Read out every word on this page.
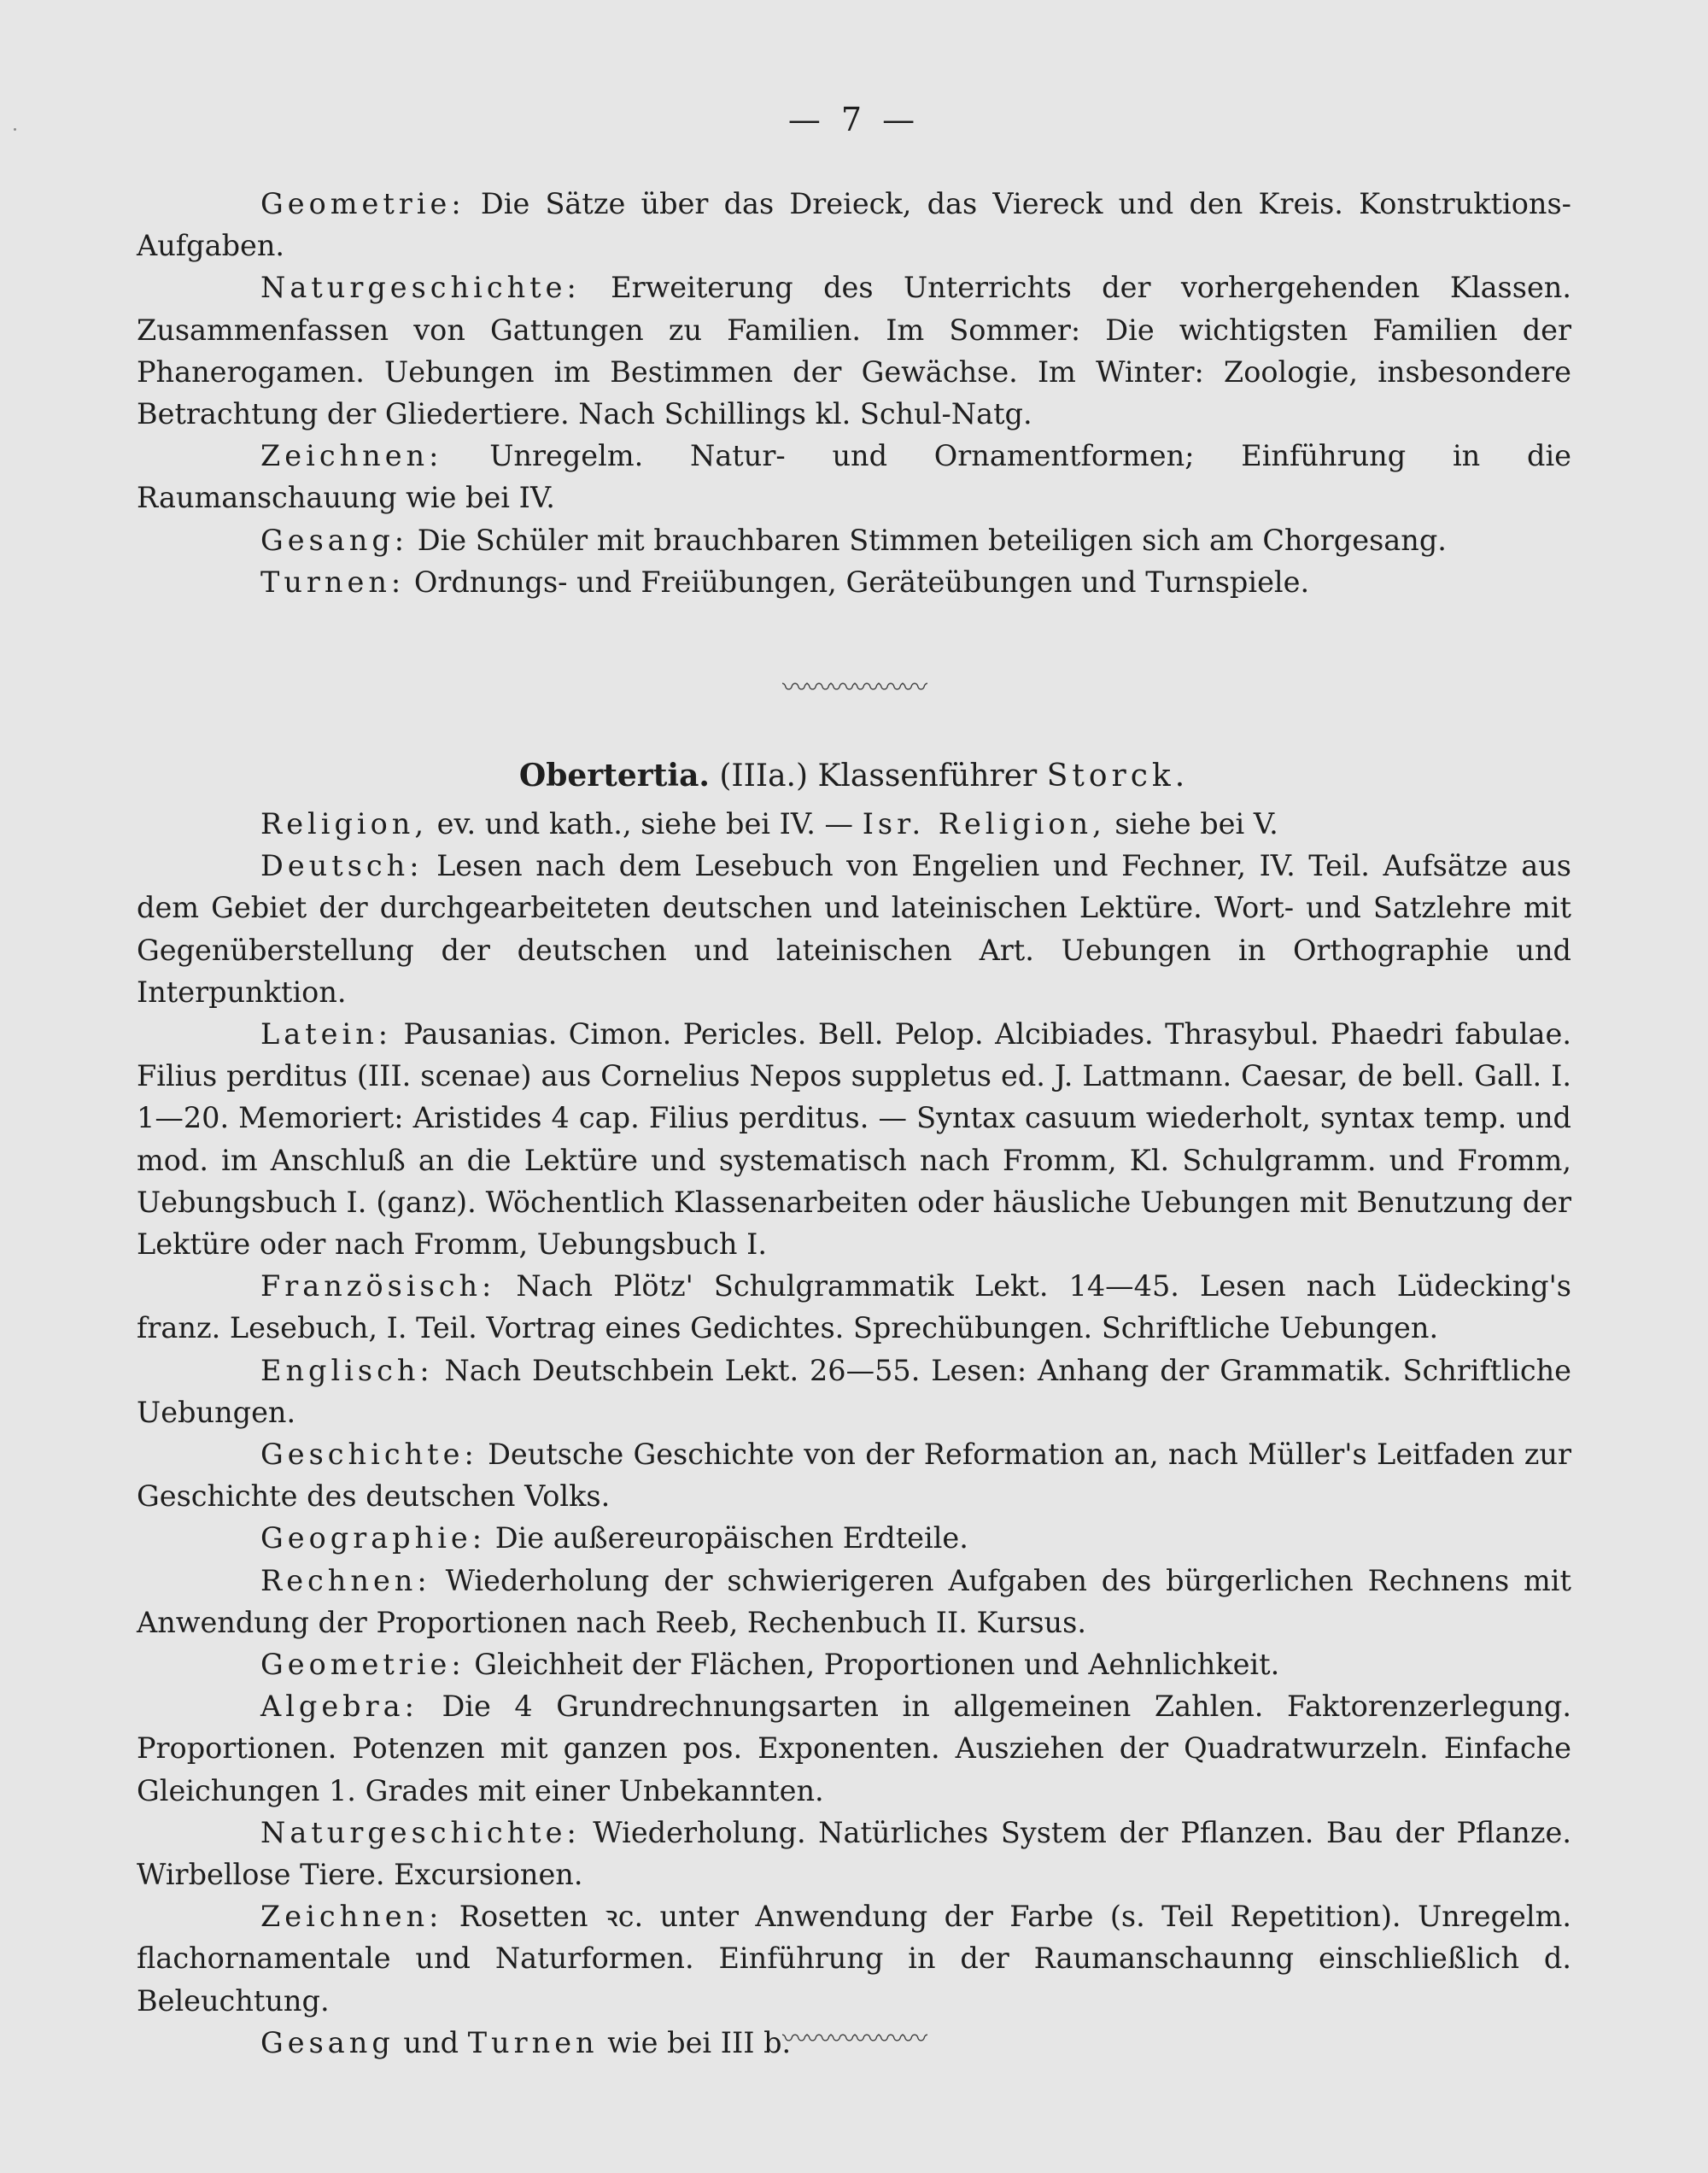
— 7 —

Geometrie: Die Sätze über das Dreieck, das Viereck und den Kreis. Konstruktions-Aufgaben.

Naturgeschichte: Erweiterung des Unterrichts der vorhergehenden Klassen. Zusammenfassen von Gattungen zu Familien. Im Sommer: Die wichtigsten Familien der Phanerogamen. Uebungen im Bestimmen der Gewächse. Im Winter: Zoologie, insbesondere Betrachtung der Gliedertiere. Nach Schillings kl. Schul-Natg.

Zeichnen: Unregelm. Natur- und Ornamentformen; Einführung in die Raumanschauung wie bei IV.

Gesang: Die Schüler mit brauchbaren Stimmen beteiligen sich am Chorgesang.

Turnen: Ordnungs- und Freiübungen, Geräteübungen und Turnspiele.

〰〰〰〰〰〰

Obertertia. (IIIa.) Klassenführer Storck.

Religion, ev. und kath., siehe bei IV. — Isr. Religion, siehe bei V.

Deutsch: Lesen nach dem Lesebuch von Engelien und Fechner, IV. Teil. Aufsätze aus dem Gebiet der durchgearbeiteten deutschen und lateinischen Lektüre. Wort- und Satzlehre mit Gegenüberstellung der deutschen und lateinischen Art. Uebungen in Orthographie und Interpunktion.

Latein: Pausanias. Cimon. Pericles. Bell. Pelop. Alcibiades. Thrasybul. Phaedri fabulae. Filius perditus (III. scenae) aus Cornelius Nepos suppletus ed. J. Lattmann. Caesar, de bell. Gall. I. 1—20. Memoriert: Aristides 4 cap. Filius perditus. — Syntax casuum wiederholt, syntax temp. und mod. im Anschluß an die Lektüre und systematisch nach Fromm, Kl. Schulgramm. und Fromm, Uebungsbuch I. (ganz). Wöchentlich Klassenarbeiten oder häusliche Uebungen mit Benutzung der Lektüre oder nach Fromm, Uebungsbuch I.

Französisch: Nach Plötz' Schulgrammatik Lekt. 14—45. Lesen nach Lüdecking's franz. Lesebuch, I. Teil. Vortrag eines Gedichtes. Sprechübungen. Schriftliche Uebungen.

Englisch: Nach Deutschbein Lekt. 26—55. Lesen: Anhang der Grammatik. Schriftliche Uebungen.

Geschichte: Deutsche Geschichte von der Reformation an, nach Müller's Leitfaden zur Geschichte des deutschen Volks.

Geographie: Die außereuropäischen Erdteile.

Rechnen: Wiederholung der schwierigeren Aufgaben des bürgerlichen Rechnens mit Anwendung der Proportionen nach Reeb, Rechenbuch II. Kursus.

Geometrie: Gleichheit der Flächen, Proportionen und Aehnlichkeit.

Algebra: Die 4 Grundrechnungsarten in allgemeinen Zahlen. Faktorenzerlegung. Proportionen. Potenzen mit ganzen pos. Exponenten. Ausziehen der Quadratwurzeln. Einfache Gleichungen 1. Grades mit einer Unbekannten.

Naturgeschichte: Wiederholung. Natürliches System der Pflanzen. Bau der Pflanze. Wirbellose Tiere. Excursionen.

Zeichnen: Rosetten ꝛc. unter Anwendung der Farbe (s. Teil Repetition). Unregelm. flachornamentale und Naturformen. Einführung in der Raumanschaunng einschließlich d. Beleuchtung.

Gesang und Turnen wie bei III b.

〰〰〰〰〰〰
